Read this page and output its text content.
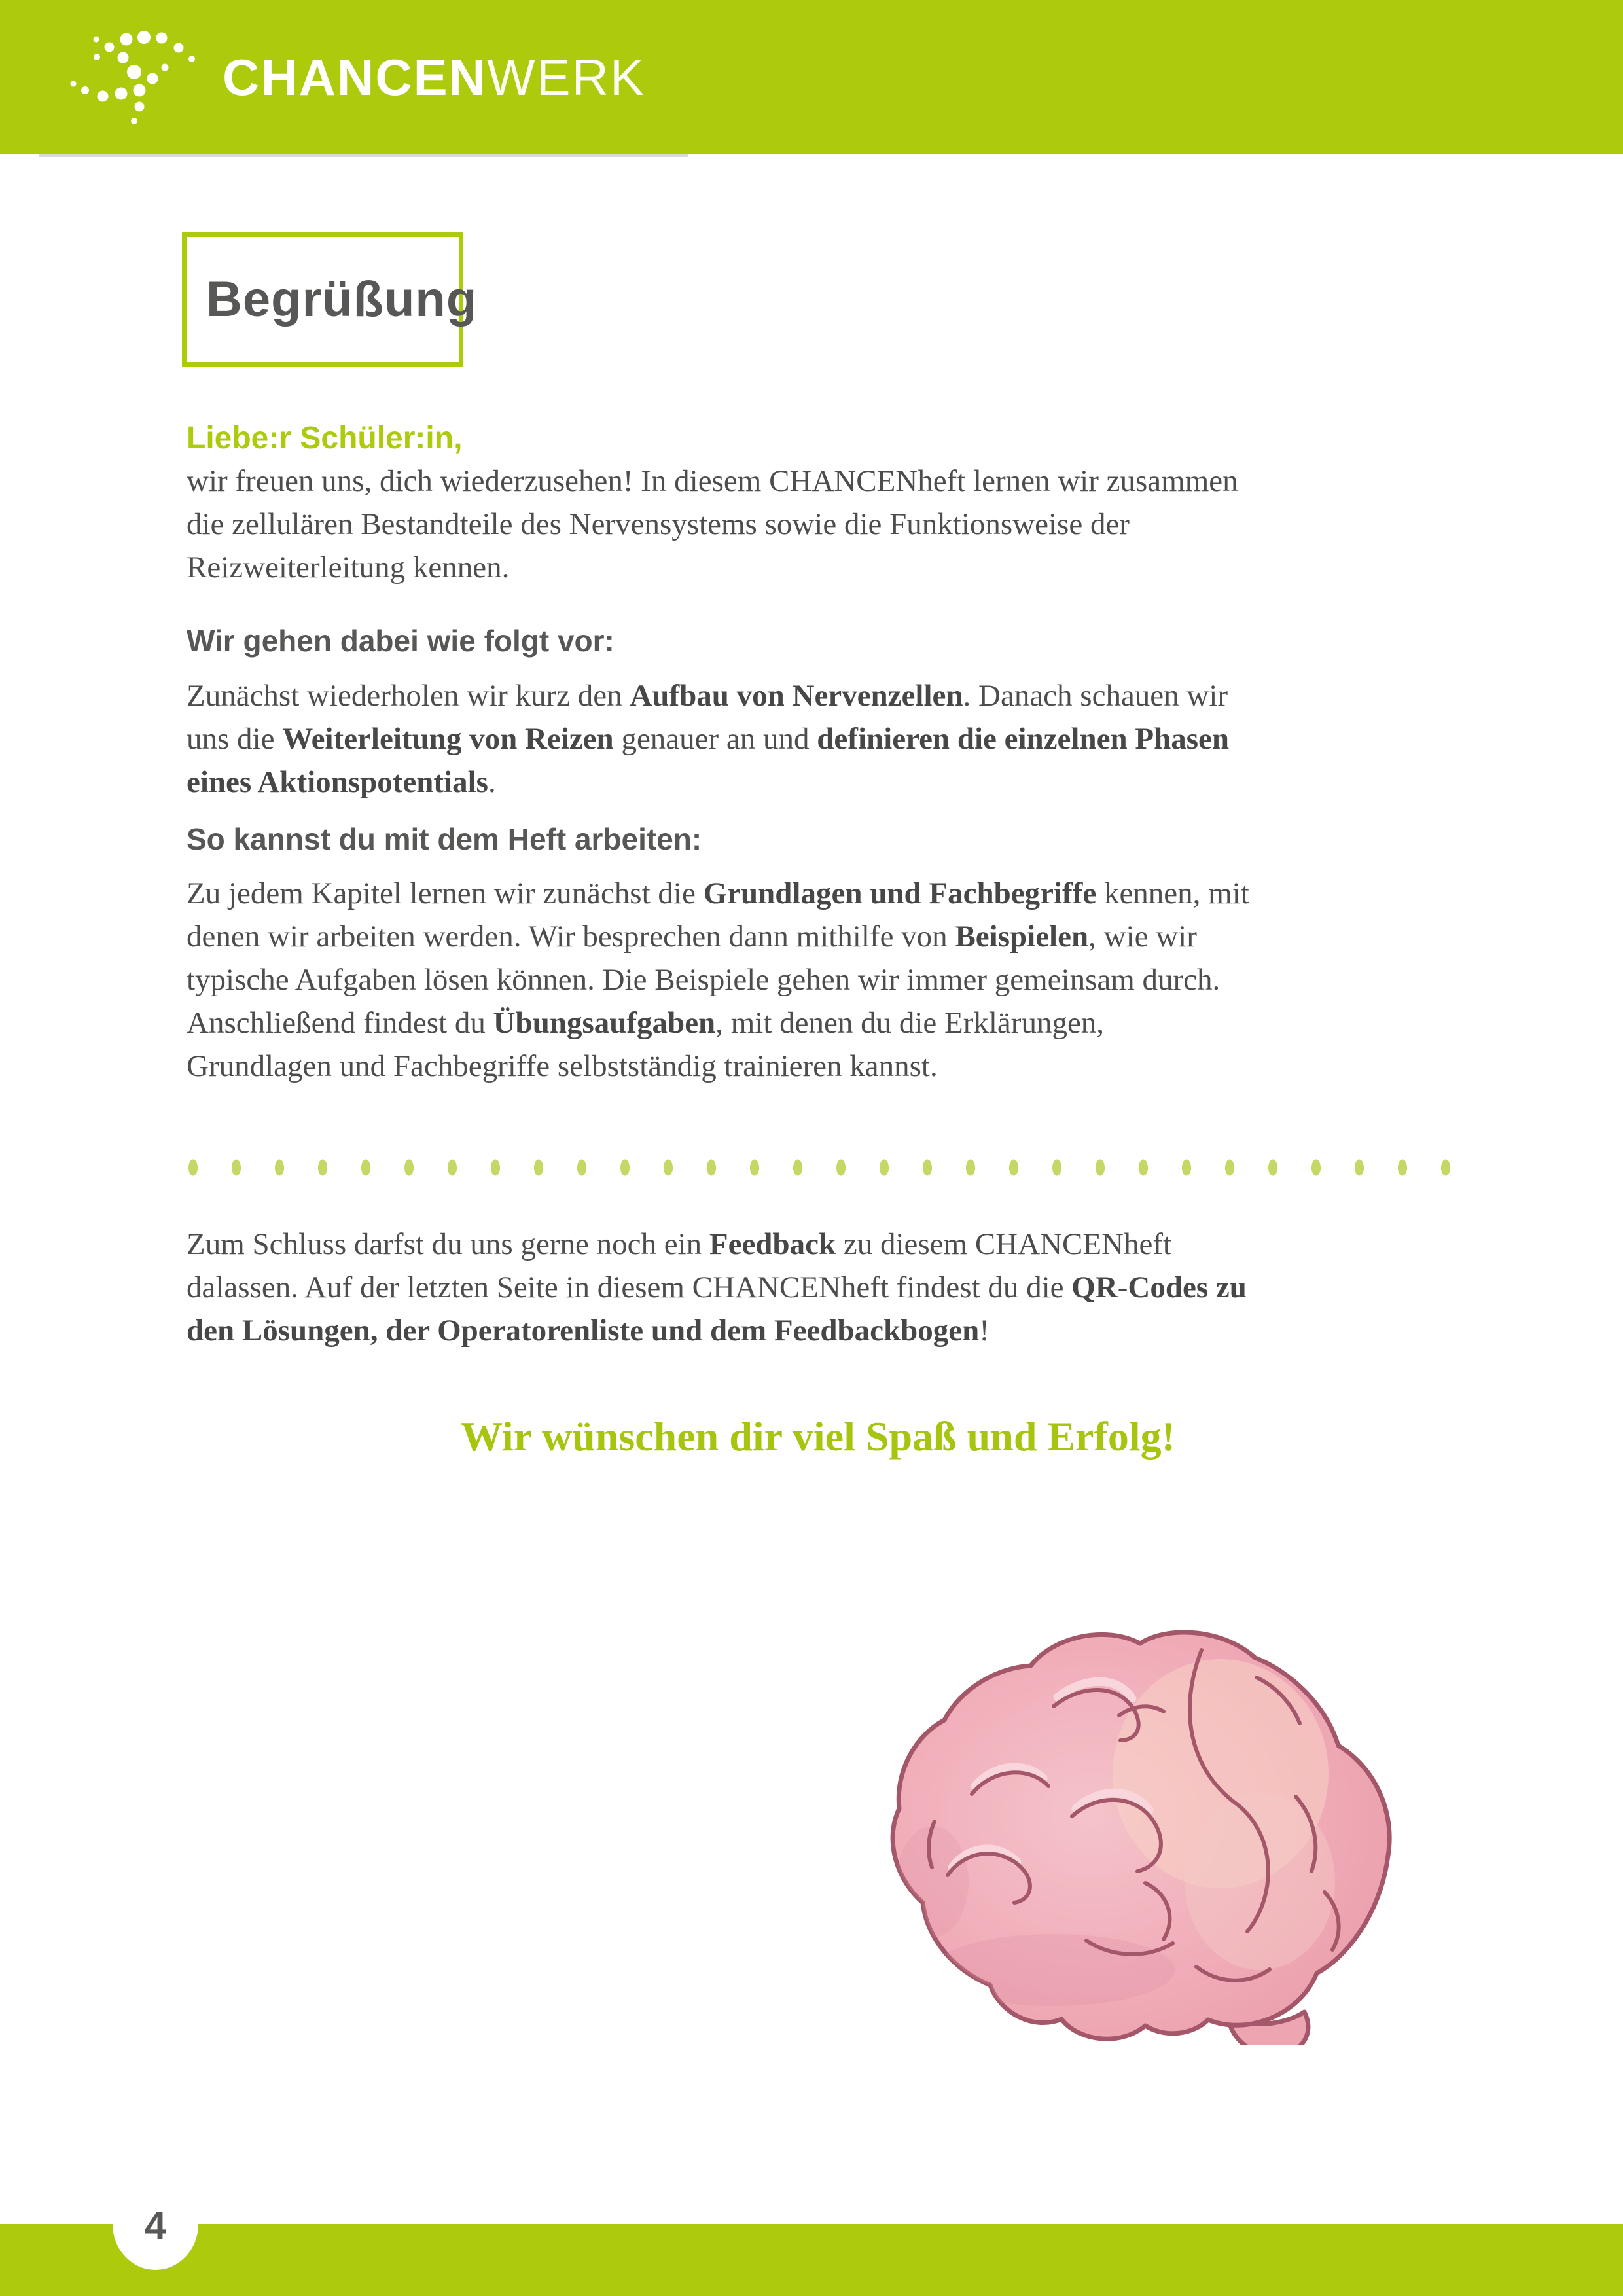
CHANCENWERK
Begrüßung

Liebe:r Schüler:in,

wir freuen uns, dich wiederzusehen! In diesem CHANCENheft lernen wir zusammen
die zellulären Bestandteile des Nervensystems sowie die Funktionsweise der
Reizweiterleitung kennen.

Wir gehen dabei wie folgt vor:

Zunächst wiederholen wir kurz den Aufbau von Nervenzellen. Danach schauen wir
uns die Weiterleitung von Reizen genauer an und definieren die einzelnen Phasen
eines Aktionspotentials.

So kannst du mit dem Heft arbeiten:

Zu jedem Kapitel lernen wir zunächst die Grundlagen und Fachbegriffe kennen, mit
denen wir arbeiten werden. Wir besprechen dann mithilfe von Beispielen, wie wir
typische Aufgaben lösen können. Die Beispiele gehen wir immer gemeinsam durch.
Anschließend findest du Übungsaufgaben, mit denen du die Erklärungen,
Grundlagen und Fachbegriffe selbstständig trainieren kannst.

Zum Schluss darfst du uns gerne noch ein Feedback zu diesem CHANCENheft
dalassen. Auf der letzten Seite in diesem CHANCENheft findest du die QR-Codes zu
den Lösungen, der Operatorenliste und dem Feedbackbogen!

Wir wünschen dir viel Spaß und Erfolg!

4
